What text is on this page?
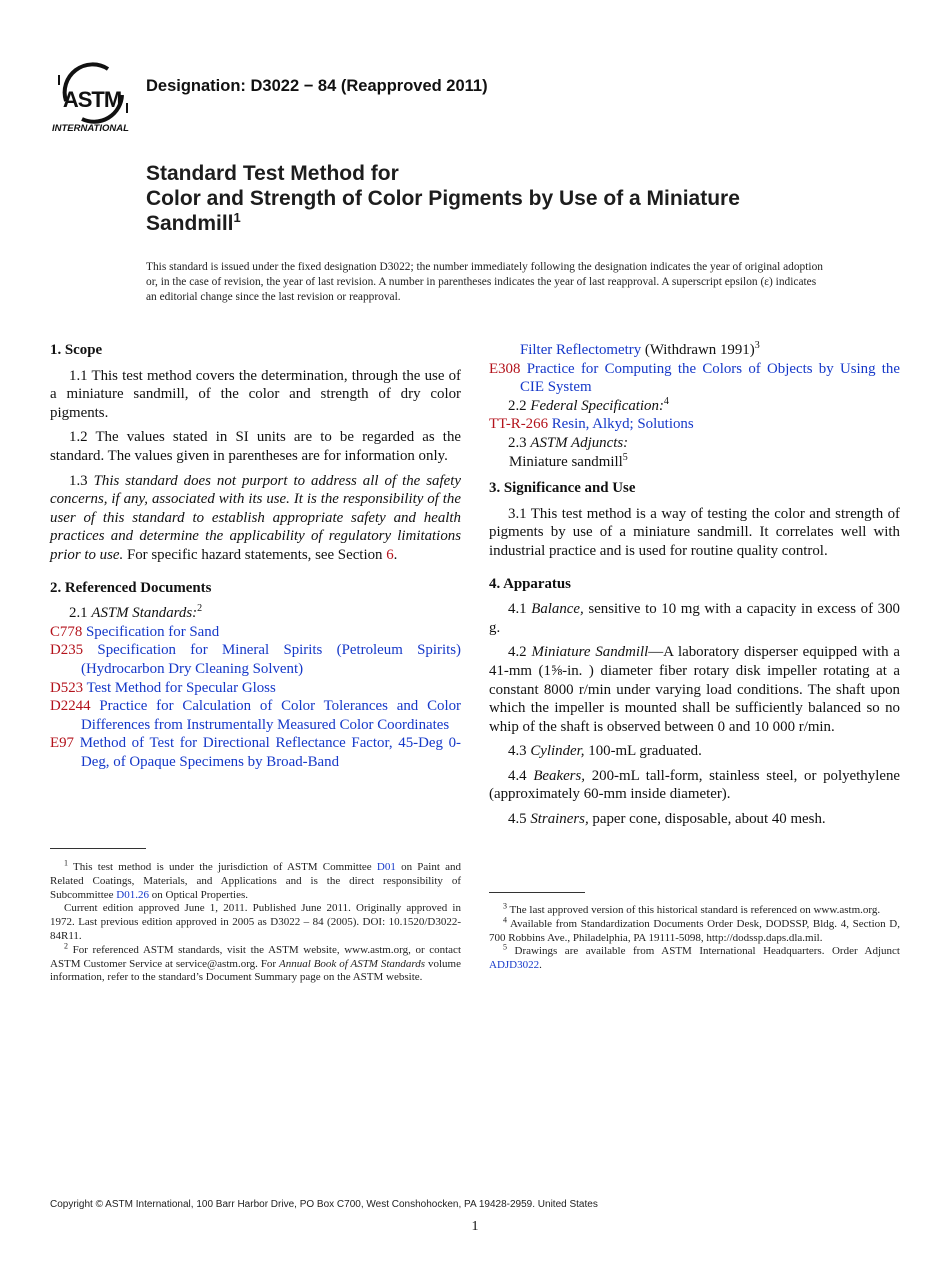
ASTM
INTERNATIONAL
Designation: D3022 − 84 (Reapproved 2011)
Standard Test Method for
Color and Strength of Color Pigments by Use of a Miniature
Sandmill$^1$
This standard is issued under the fixed designation D3022; the number immediately following the designation indicates the year of original adoption or, in the case of revision, the year of last revision. A number in parentheses indicates the year of last reapproval. A superscript epsilon (ε) indicates an editorial change since the last revision or reapproval.
1. Scope

1.1 This test method covers the determination, through the use of a miniature sandmill, of the color and strength of dry color pigments.

1.2 The values stated in SI units are to be regarded as the standard. The values given in parentheses are for information only.

1.3 This standard does not purport to address all of the safety concerns, if any, associated with its use. It is the responsibility of the user of this standard to establish appropriate safety and health practices and determine the applicability of regulatory limitations prior to use. For specific hazard statements, see Section 6.

2. Referenced Documents

2.1 ASTM Standards:$^2$

C778 Specification for Sand

D235 Specification for Mineral Spirits (Petroleum Spirits) (Hydrocarbon Dry Cleaning Solvent)

D523 Test Method for Specular Gloss

D2244 Practice for Calculation of Color Tolerances and Color Differences from Instrumentally Measured Color Coordinates

E97 Method of Test for Directional Reflectance Factor, 45-Deg 0-Deg, of Opaque Specimens by Broad-Band

$^1$ This test method is under the jurisdiction of ASTM Committee D01 on Paint and Related Coatings, Materials, and Applications and is the direct responsibility of Subcommittee D01.26 on Optical Properties.

Current edition approved June 1, 2011. Published June 2011. Originally approved in 1972. Last previous edition approved in 2005 as D3022 – 84 (2005). DOI: 10.1520/D3022-84R11.

$^2$ For referenced ASTM standards, visit the ASTM website, www.astm.org, or contact ASTM Customer Service at service@astm.org. For Annual Book of ASTM Standards volume information, refer to the standard’s Document Summary page on the ASTM website.

Filter Reflectometry (Withdrawn 1991)$^3$

E308 Practice for Computing the Colors of Objects by Using the CIE System

2.2 Federal Specification:$^4$

TT-R-266 Resin, Alkyd; Solutions

2.3 ASTM Adjuncts:

Miniature sandmill$^5$

3. Significance and Use

3.1 This test method is a way of testing the color and strength of pigments by use of a miniature sandmill. It correlates well with industrial practice and is used for routine quality control.

4. Apparatus

4.1 Balance, sensitive to 10 mg with a capacity in excess of 300 g.

4.2 Miniature Sandmill—A laboratory disperser equipped with a 41-mm (1⅝-in. ) diameter fiber rotary disk impeller rotating at a constant 8000 r/min under varying load conditions. The shaft upon which the impeller is mounted shall be sufficiently balanced so no whip of the shaft is observed between 0 and 10 000 r/min.

4.3 Cylinder, 100-mL graduated.

4.4 Beakers, 200-mL tall-form, stainless steel, or polyethylene (approximately 60-mm inside diameter).

4.5 Strainers, paper cone, disposable, about 40 mesh.

$^3$ The last approved version of this historical standard is referenced on www.astm.org.

$^4$ Available from Standardization Documents Order Desk, DODSSP, Bldg. 4, Section D, 700 Robbins Ave., Philadelphia, PA 19111-5098, http://dodssp.daps.dla.mil.

$^5$ Drawings are available from ASTM International Headquarters. Order Adjunct ADJD3022.

Copyright © ASTM International, 100 Barr Harbor Drive, PO Box C700, West Conshohocken, PA 19428-2959. United States
1
